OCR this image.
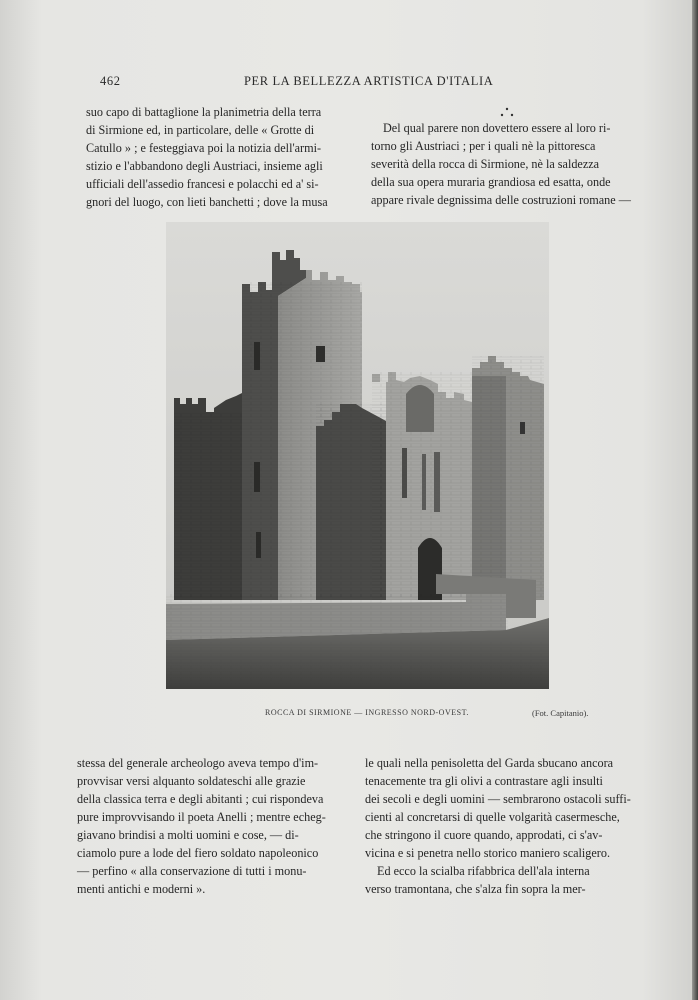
462	PER LA BELLEZZA ARTISTICA D'ITALIA

suo capo di battaglione la planimetria della terra

di Sirmione ed, in particolare, delle « Grotte di

Catullo » ; e festeggiava poi la notizia dell'armi-

stizio e l'abbandono degli Austriaci, insieme agli

ufficiali dell'assedio francesi e polacchi ed a' si-

gnori del luogo, con lieti banchetti ; dove la musa

Del qual parere non dovettero essere al loro ri-

torno gli Austriaci ; per i quali nè la pittoresca

severità della rocca di Sirmione, nè la saldezza

della sua opera muraria grandiosa ed esatta, onde

appare rivale degnissima delle costruzioni romane —

ROCCA DI SIRMIONE — INGRESSO NORD-OVEST.	(Fot. Capitanio).

stessa del generale archeologo aveva tempo d'im-

provvisar versi alquanto soldateschi alle grazie

della classica terra e degli abitanti ; cui rispondeva

pure improvvisando il poeta Anelli ; mentre echeg-

giavano brindisi a molti uomini e cose, — di-

ciamolo pure a lode del fiero soldato napoleonico

— perfino « alla conservazione di tutti i monu-

menti antichi e moderni ».

le quali nella penisoletta del Garda sbucano ancora

tenacemente tra gli olivi a contrastare agli insulti

dei secoli e degli uomini — sembrarono ostacoli suffi-

cienti al concretarsi di quelle volgarità casermesche,

che stringono il cuore quando, approdati, ci s'av-

vicina e si penetra nello storico maniero scaligero.

Ed ecco la scialba rifabbrica dell'ala interna

verso tramontana, che s'alza fin sopra la mer-
